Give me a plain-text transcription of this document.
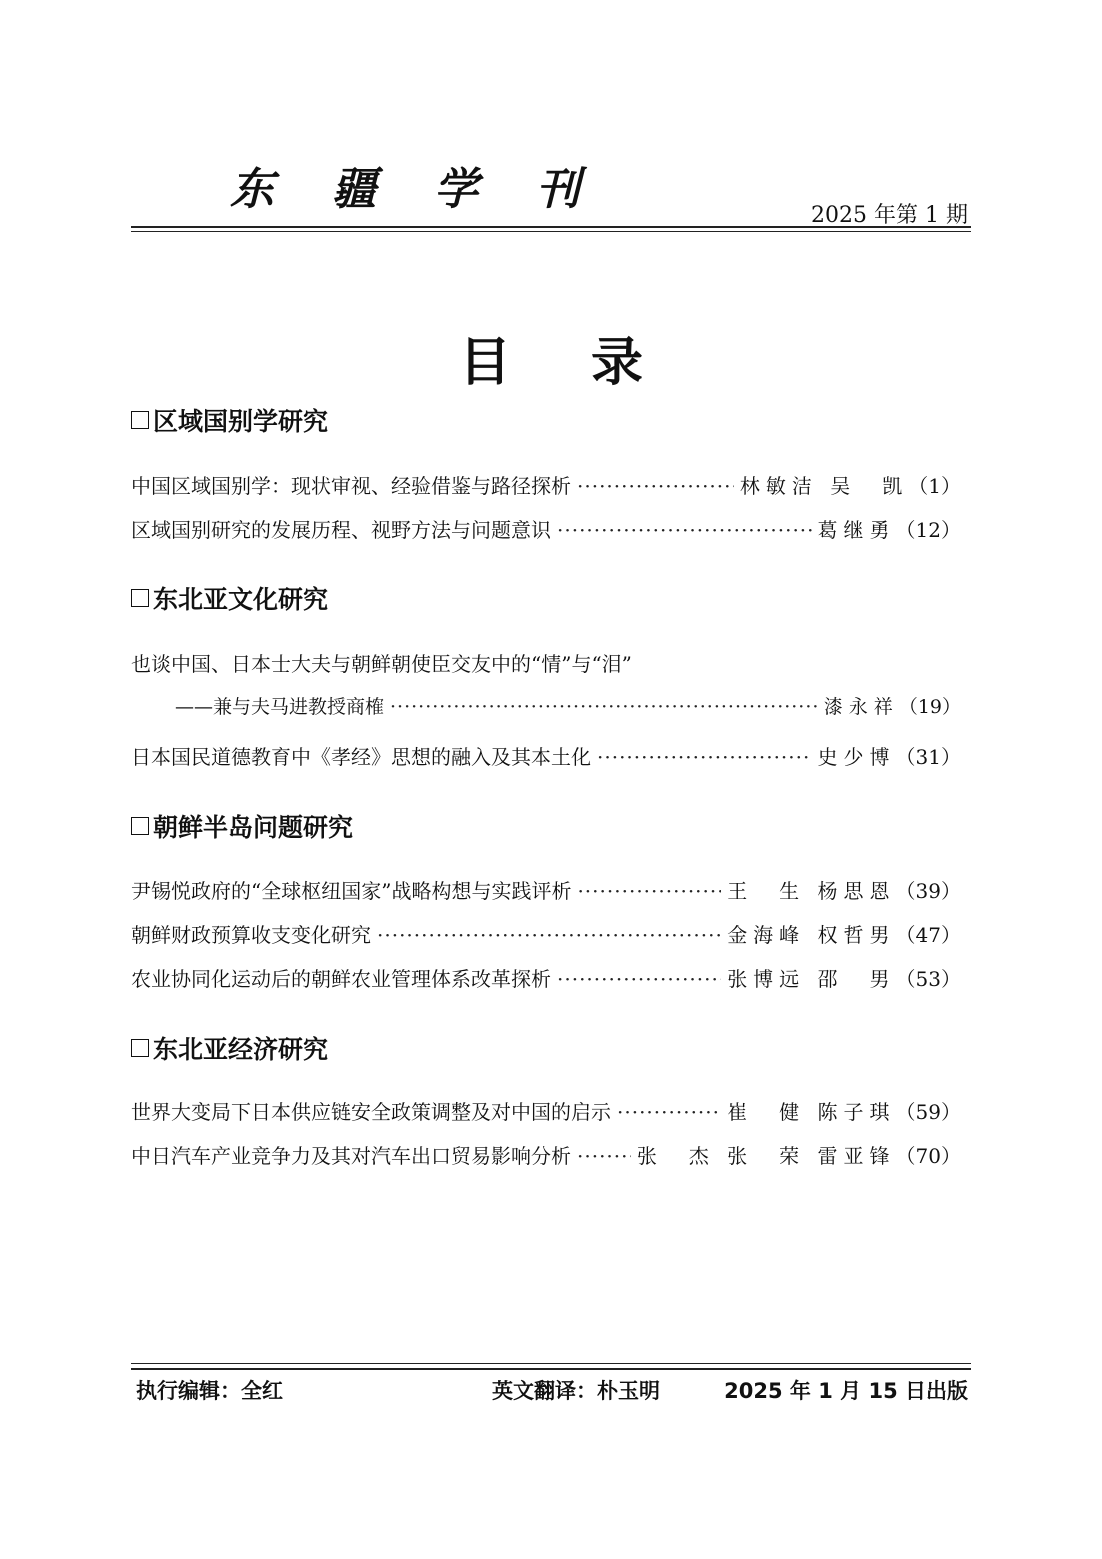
东 疆 学 刊
2025 年第 1 期
目录
区域国别学研究
中国区域国别学：现状审视、经验借鉴与路径探析 ·····	林敏洁 吴　凯 （1）
区域国别研究的发展历程、视野方法与问题意识 ·····	葛继勇 （12）
东北亚文化研究
也谈中国、日本士大夫与朝鲜朝使臣交友中的“情”与“泪”
——兼与夫马进教授商榷 ·····	漆永祥 （19）
日本国民道德教育中《孝经》思想的融入及其本土化 ·····	史少博 （31）
朝鲜半岛问题研究
尹锡悦政府的“全球枢纽国家”战略构想与实践评析 ·····	王　生 杨思恩 （39）
朝鲜财政预算收支变化研究 ·····	金海峰 权哲男 （47）
农业协同化运动后的朝鲜农业管理体系改革探析 ·····	张博远 邵　男 （53）
东北亚经济研究
世界大变局下日本供应链安全政策调整及对中国的启示 ·····	崔　健 陈子琪 （59）
中日汽车产业竞争力及其对汽车出口贸易影响分析 ·····	张　杰 张　荣 雷亚锋 （70）
执行编辑：全红	英文翻译：朴玉明	2025 年 1 月 15 日出版
